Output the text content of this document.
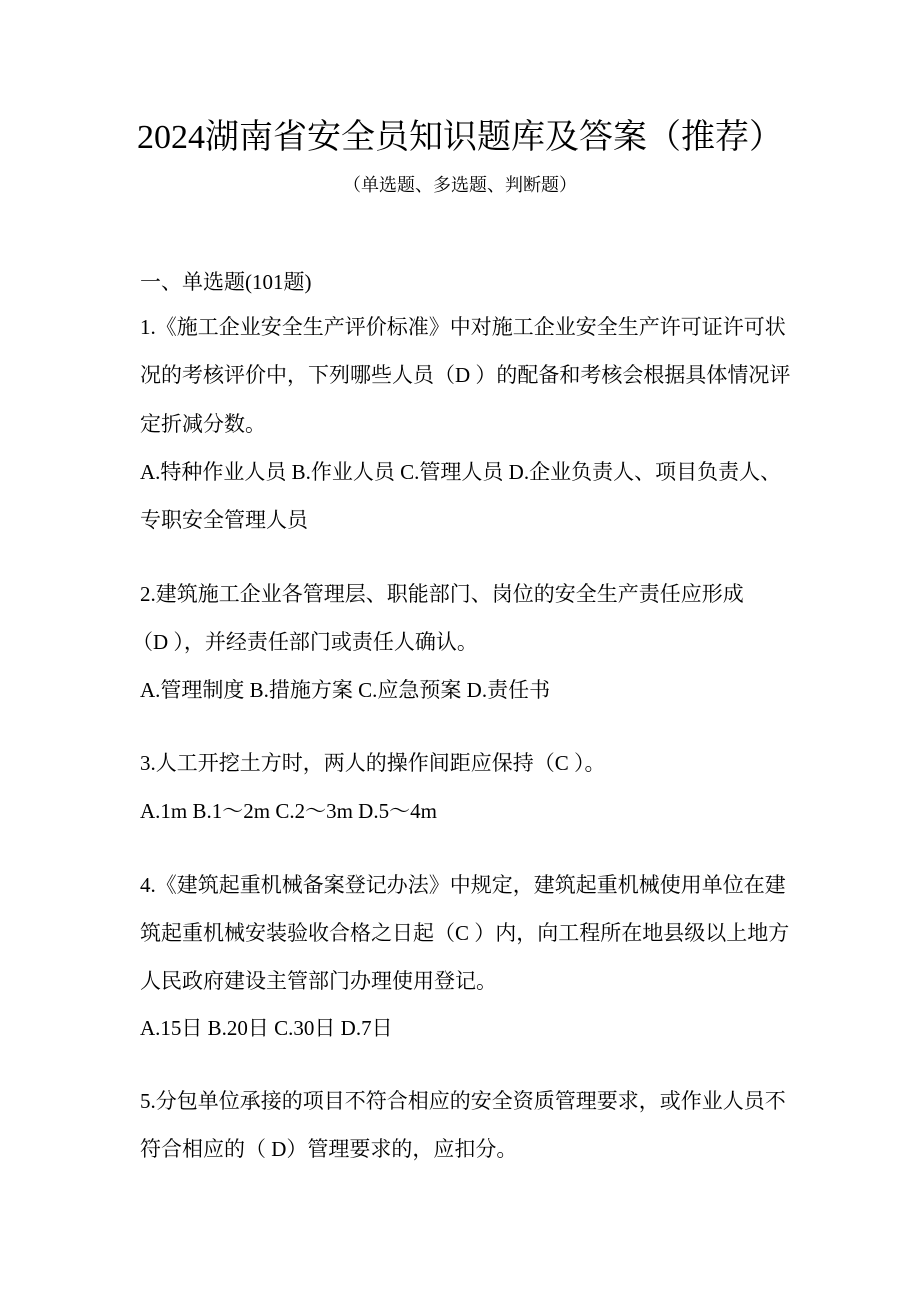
2024湖南省安全员知识题库及答案（推荐）
（单选题、多选题、判断题）
一、单选题(101题)
1.《施工企业安全生产评价标准》中对施工企业安全生产许可证许可状
况的考核评价中，下列哪些人员（D ）的配备和考核会根据具体情况评
定折减分数。
A.特种作业人员 B.作业人员 C.管理人员 D.企业负责人、项目负责人、
专职安全管理人员
2.建筑施工企业各管理层、职能部门、岗位的安全生产责任应形成
（D ），并经责任部门或责任人确认。
A.管理制度 B.措施方案 C.应急预案 D.责任书
3.人工开挖土方时，两人的操作间距应保持（C ）。
A.1m B.1～2m C.2～3m D.5～4m
4.《建筑起重机械备案登记办法》中规定，建筑起重机械使用单位在建
筑起重机械安装验收合格之日起（C ）内，向工程所在地县级以上地方
人民政府建设主管部门办理使用登记。
A.15日 B.20日 C.30日 D.7日
5.分包单位承接的项目不符合相应的安全资质管理要求，或作业人员不
符合相应的（ D）管理要求的，应扣分。
